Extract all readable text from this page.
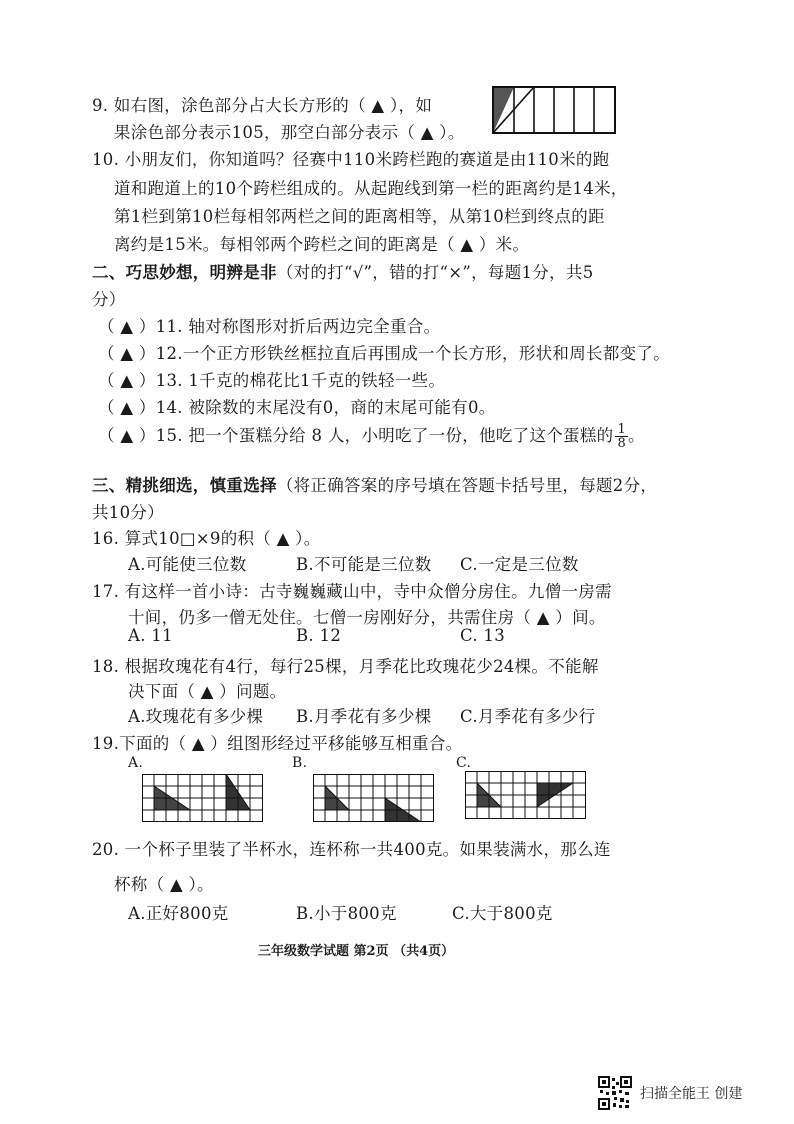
9. 如右图，涂色部分占大长方形的（ ▲ ），如
果涂色部分表示105，那空白部分表示（ ▲ ）。
10. 小朋友们，你知道吗？径赛中110米跨栏跑的赛道是由110米的跑
道和跑道上的10个跨栏组成的。从起跑线到第一栏的距离约是14米，
第1栏到第10栏每相邻两栏之间的距离相等，从第10栏到终点的距
离约是15米。每相邻两个跨栏之间的距离是（ ▲ ）米。
二、巧思妙想，明辨是非（对的打“√”，错的打“×”，每题1分，共5
分）
（ ▲ ）11. 轴对称图形对折后两边完全重合。
（ ▲ ）12.一个正方形铁丝框拉直后再围成一个长方形，形状和周长都变了。
（ ▲ ）13. 1千克的棉花比1千克的铁轻一些。
（ ▲ ）14. 被除数的末尾没有0，商的末尾可能有0。
（ ▲ ）15. 把一个蛋糕分给 8 人，小明吃了一份，他吃了这个蛋糕的 $\frac{1}{8}$ 。
三、精挑细选，慎重选择（将正确答案的序号填在答题卡括号里，每题2分，
共10分）
16. 算式10□×9的积（ ▲ ）。
A.可能使三位数	B.不可能是三位数 C.一定是三位数
17. 有这样一首小诗：古寺巍巍藏山中，寺中众僧分房住。九僧一房需
十间，仍多一僧无处住。七僧一房刚好分，共需住房（ ▲ ）间。
A. 11	B. 12	C. 13
18. 根据玫瑰花有4行，每行25棵，月季花比玫瑰花少24棵。不能解
决下面（ ▲ ）问题。
A.玫瑰花有多少棵 B.月季花有多少棵 C.月季花有多少行
19.下面的（ ▲ ）组图形经过平移能够互相重合。
A.	B.	C.
20. 一个杯子里装了半杯水，连杯称一共400克。如果装满水，那么连
杯称（ ▲ ）。
A.正好800克	B.小于800克	C.大于800克
三年级数学试题 第2页 （共4页）
扫描全能王 创建
